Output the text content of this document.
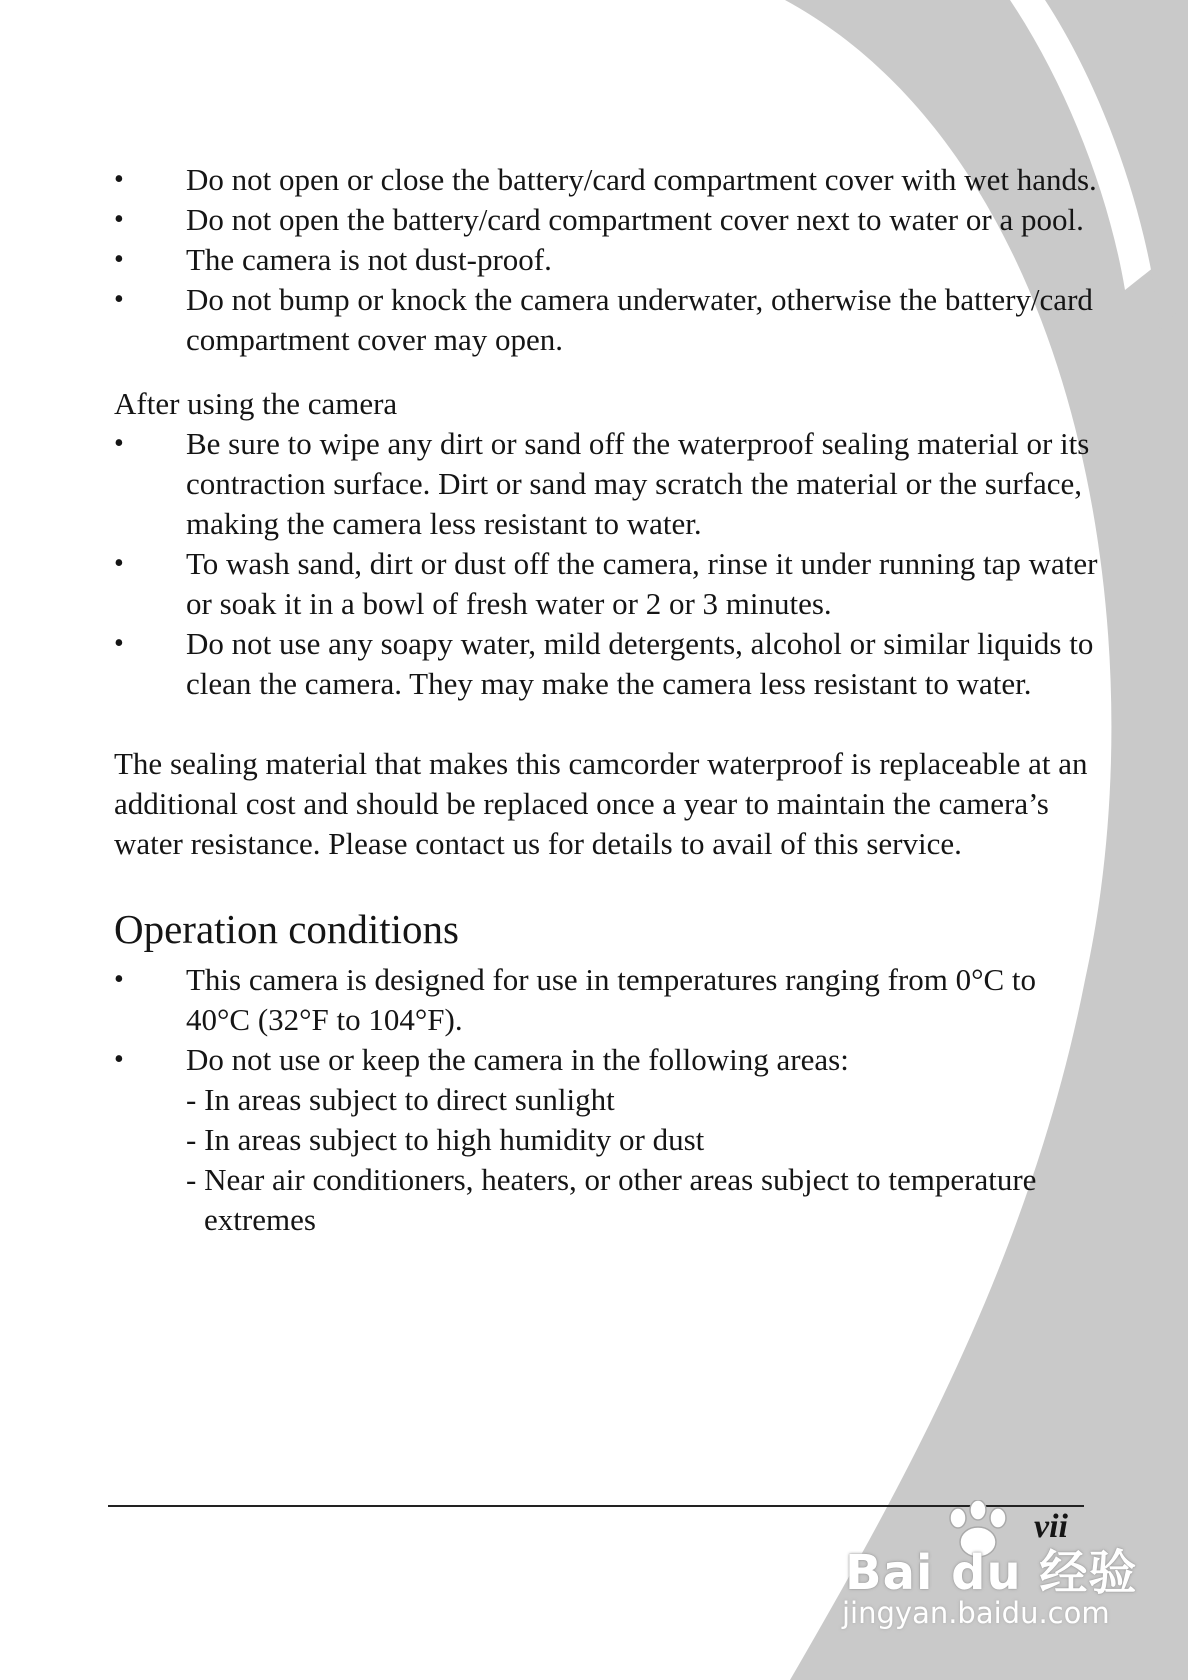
• Do not open or close the battery/card compartment cover with wet hands.
• Do not open the battery/card compartment cover next to water or a pool.
• The camera is not dust-proof.
• Do not bump or knock the camera underwater, otherwise the battery/card compartment cover may open.
After using the camera
• Be sure to wipe any dirt or sand off the waterproof sealing material or its contraction surface. Dirt or sand may scratch the material or the surface, making the camera less resistant to water.
• To wash sand, dirt or dust off the camera, rinse it under running tap water or soak it in a bowl of fresh water or 2 or 3 minutes.
• Do not use any soapy water, mild detergents, alcohol or similar liquids to clean the camera. They may make the camera less resistant to water.

The sealing material that makes this camcorder waterproof is replaceable at an additional cost and should be replaced once a year to maintain the camera’s water resistance. Please contact us for details to avail of this service.

Operation conditions
• This camera is designed for use in temperatures ranging from 0°C to 40°C (32°F to 104°F).
• Do not use or keep the camera in the following areas:
- In areas subject to direct sunlight
- In areas subject to high humidity or dust
- Near air conditioners, heaters, or other areas subject to temperature extremes
vii
Bai du 经验
jingyan.baidu.com
